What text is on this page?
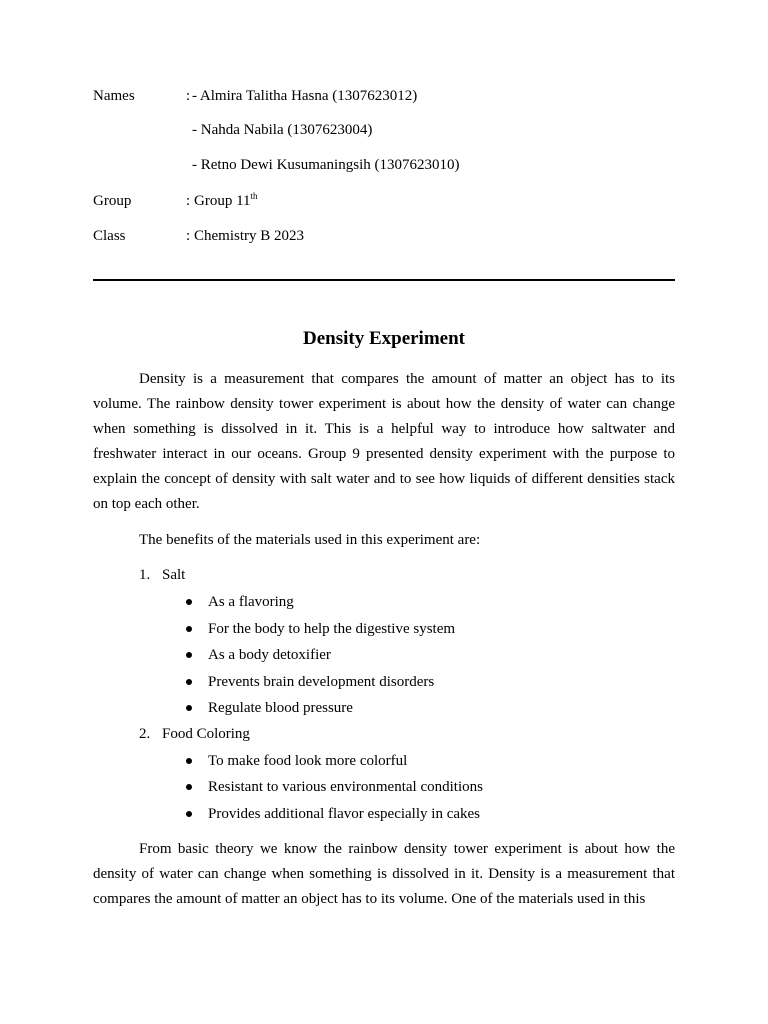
Names	: - Almira Talitha Hasna (1307623012)
- Nahda Nabila (1307623004)
- Retno Dewi Kusumaningsih (1307623010)
Group	: Group 11th
Class	: Chemistry B 2023
Density Experiment
Density is a measurement that compares the amount of matter an object has to its volume. The rainbow density tower experiment is about how the density of water can change when something is dissolved in it. This is a helpful way to introduce how saltwater and freshwater interact in our oceans. Group 9 presented density experiment with the purpose to explain the concept of density with salt water and to see how liquids of different densities stack on top each other.
The benefits of the materials used in this experiment are:
1. Salt
As a flavoring
For the body to help the digestive system
As a body detoxifier
Prevents brain development disorders
Regulate blood pressure
2. Food Coloring
To make food look more colorful
Resistant to various environmental conditions
Provides additional flavor especially in cakes
From basic theory we know the rainbow density tower experiment is about how the density of water can change when something is dissolved in it. Density is a measurement that compares the amount of matter an object has to its volume. One of the materials used in this
